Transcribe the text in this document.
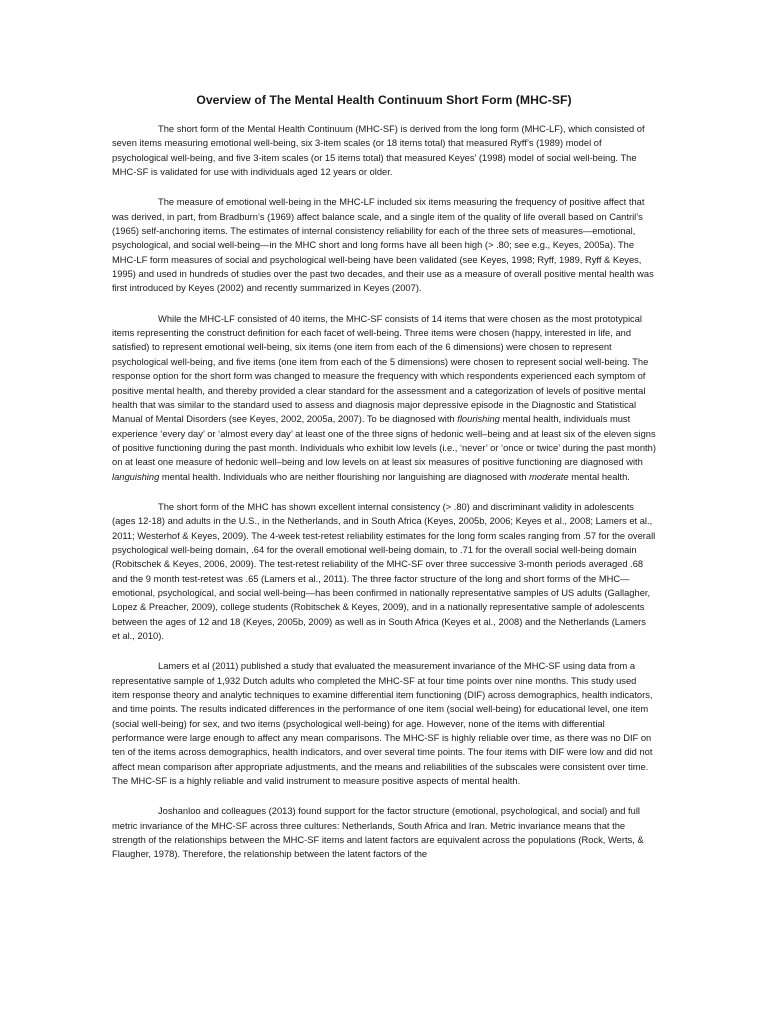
Overview of The Mental Health Continuum Short Form (MHC-SF)

The short form of the Mental Health Continuum (MHC-SF) is derived from the long form (MHC-LF), which consisted of seven items measuring emotional well-being, six 3-item scales (or 18 items total) that measured Ryff’s (1989) model of psychological well-being, and five 3-item scales (or 15 items total) that measured Keyes’ (1998) model of social well-being. The MHC-SF is validated for use with individuals aged 12 years or older.

The measure of emotional well-being in the MHC-LF included six items measuring the frequency of positive affect that was derived, in part, from Bradburn’s (1969) affect balance scale, and a single item of the quality of life overall based on Cantril’s (1965) self-anchoring items. The estimates of internal consistency reliability for each of the three sets of measures—emotional, psychological, and social well-being—in the MHC short and long forms have all been high (> .80; see e.g., Keyes, 2005a). The MHC-LF form measures of social and psychological well-being have been validated (see Keyes, 1998; Ryff, 1989, Ryff & Keyes, 1995) and used in hundreds of studies over the past two decades, and their use as a measure of overall positive mental health was first introduced by Keyes (2002) and recently summarized in Keyes (2007).

While the MHC-LF consisted of 40 items, the MHC-SF consists of 14 items that were chosen as the most prototypical items representing the construct definition for each facet of well-being. Three items were chosen (happy, interested in life, and satisfied) to represent emotional well-being, six items (one item from each of the 6 dimensions) were chosen to represent psychological well-being, and five items (one item from each of the 5 dimensions) were chosen to represent social well-being. The response option for the short form was changed to measure the frequency with which respondents experienced each symptom of positive mental health, and thereby provided a clear standard for the assessment and a categorization of levels of positive mental health that was similar to the standard used to assess and diagnosis major depressive episode in the Diagnostic and Statistical Manual of Mental Disorders (see Keyes, 2002, 2005a, 2007). To be diagnosed with flourishing mental health, individuals must experience ‘every day’ or ‘almost every day’ at least one of the three signs of hedonic well–being and at least six of the eleven signs of positive functioning during the past month. Individuals who exhibit low levels (i.e., ‘never’ or ‘once or twice’ during the past month) on at least one measure of hedonic well–being and low levels on at least six measures of positive functioning are diagnosed with languishing mental health. Individuals who are neither flourishing nor languishing are diagnosed with moderate mental health.

The short form of the MHC has shown excellent internal consistency (> .80) and discriminant validity in adolescents (ages 12-18) and adults in the U.S., in the Netherlands, and in South Africa (Keyes, 2005b, 2006; Keyes et al., 2008; Lamers et al., 2011; Westerhof & Keyes, 2009). The 4-week test-retest reliability estimates for the long form scales ranging from .57 for the overall psychological well-being domain, .64 for the overall emotional well-being domain, to .71 for the overall social well-being domain (Robitschek & Keyes, 2006, 2009). The test-retest reliability of the MHC-SF over three successive 3-month periods averaged .68 and the 9 month test-retest was .65 (Lamers et al., 2011). The three factor structure of the long and short forms of the MHC—emotional, psychological, and social well-being—has been confirmed in nationally representative samples of US adults (Gallagher, Lopez & Preacher, 2009), college students (Robitschek & Keyes, 2009), and in a nationally representative sample of adolescents between the ages of 12 and 18 (Keyes, 2005b, 2009) as well as in South Africa (Keyes et al., 2008) and the Netherlands (Lamers et al., 2010).

Lamers et al (2011) published a study that evaluated the measurement invariance of the MHC-SF using data from a representative sample of 1,932 Dutch adults who completed the MHC-SF at four time points over nine months. This study used item response theory and analytic techniques to examine differential item functioning (DIF) across demographics, health indicators, and time points. The results indicated differences in the performance of one item (social well-being) for educational level, one item (social well-being) for sex, and two items (psychological well-being) for age. However, none of the items with differential performance were large enough to affect any mean comparisons. The MHC-SF is highly reliable over time, as there was no DIF on ten of the items across demographics, health indicators, and over several time points. The four items with DIF were low and did not affect mean comparison after appropriate adjustments, and the means and reliabilities of the subscales were consistent over time. The MHC-SF is a highly reliable and valid instrument to measure positive aspects of mental health.

Joshanloo and colleagues (2013) found support for the factor structure (emotional, psychological, and social) and full metric invariance of the MHC-SF across three cultures: Netherlands, South Africa and Iran. Metric invariance means that the strength of the relationships between the MHC-SF items and latent factors are equivalent across the populations (Rock, Werts, & Flaugher, 1978). Therefore, the relationship between the latent factors of the
